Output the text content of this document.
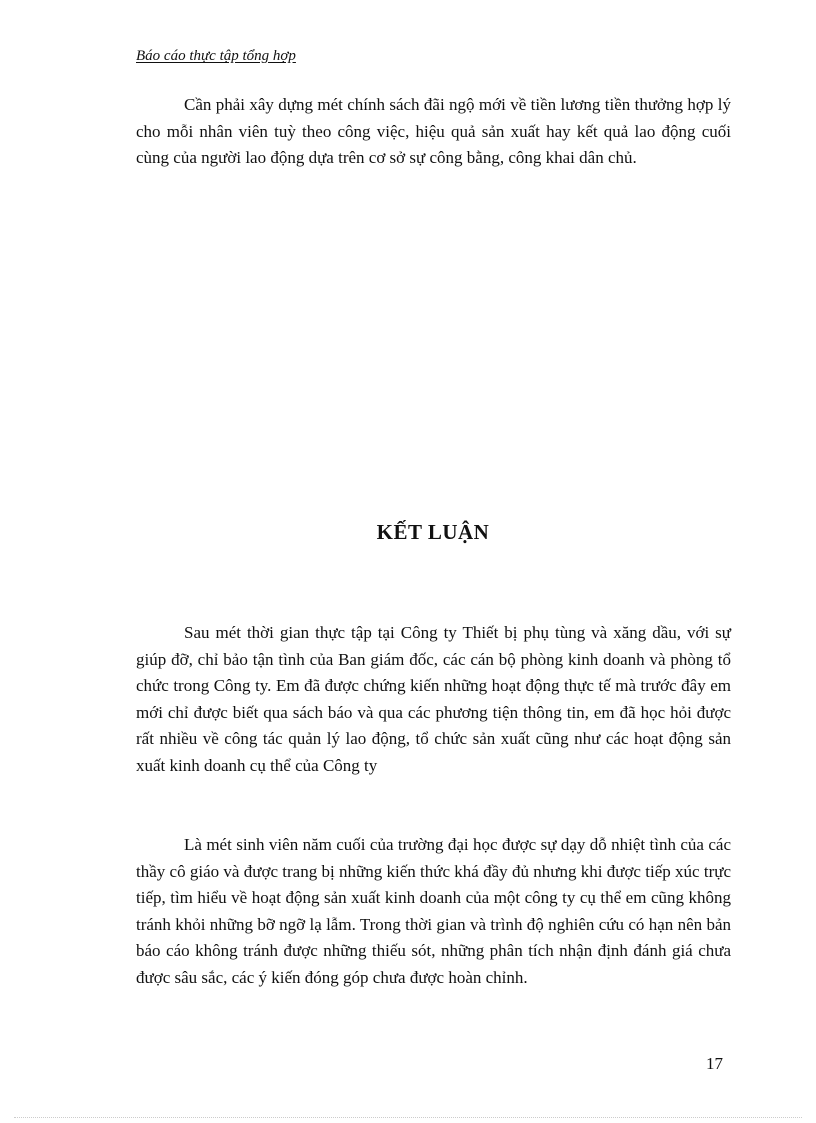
Báo cáo thực tập tổng hợp

Cần phải xây dựng mét chính sách đãi ngộ mới về tiền lương tiền thưởng hợp lý cho mỗi nhân viên tuỳ theo công việc, hiệu quả sản xuất hay kết quả lao động cuối cùng của người lao động dựa trên cơ sở sự công bằng, công khai dân chủ.

KẾT LUẬN

Sau mét thời gian thực tập tại Công ty Thiết bị phụ tùng và xăng dầu, với sự giúp đỡ, chỉ bảo tận tình của Ban giám đốc, các cán bộ phòng kinh doanh và phòng tổ chức trong Công ty. Em đã được chứng kiến những hoạt động thực tế mà trước đây em mới chỉ được biết qua sách báo và qua các phương tiện thông tin, em đã học hỏi được rất nhiều về công tác quản lý lao động, tổ chức sản xuất cũng như các hoạt động sản xuất kinh doanh cụ thể của Công ty

Là mét sinh viên năm cuối của trường đại học được sự dạy dỗ nhiệt tình của các thầy cô giáo và được trang bị những kiến thức khá đầy đủ nhưng khi được tiếp xúc trực tiếp, tìm hiểu về hoạt động sản xuất kinh doanh của một công ty cụ thể em cũng không tránh khỏi những bỡ ngỡ lạ lẫm. Trong thời gian và trình độ nghiên cứu có hạn nên bản báo cáo không tránh được những thiếu sót, những phân tích nhận định đánh giá chưa được sâu sắc, các ý kiến đóng góp chưa được hoàn chỉnh.

17
